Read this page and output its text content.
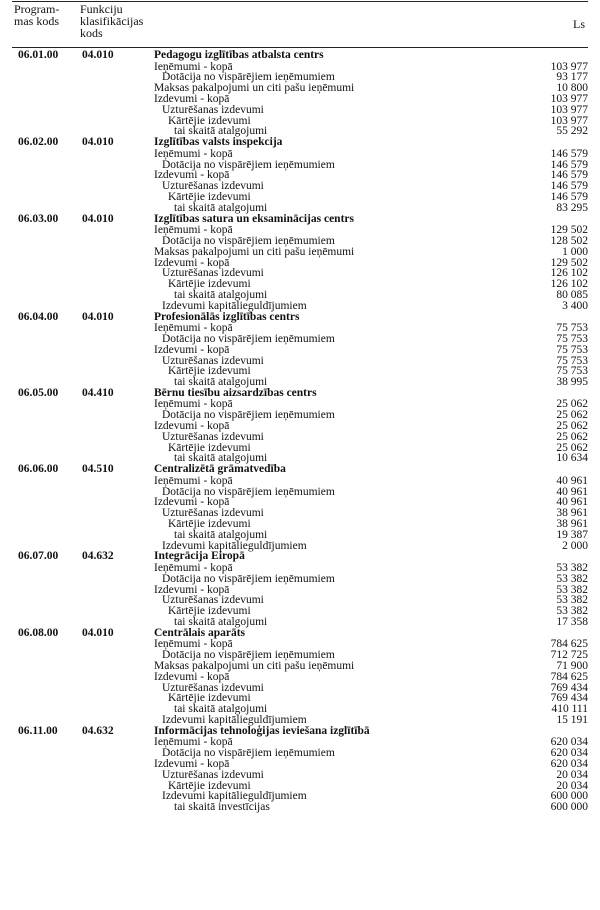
Program-
mas kods
Funkciju
klasifikācijas
kods
Ls
06.01.00 04.010	Pedagogu izglītības atbalsta centrs
Ieņēmumi - kopā	103 977
Dotācija no vispārējiem ieņēmumiem	93 177
Maksas pakalpojumi un citi pašu ieņēmumi	10 800
Izdevumi - kopā	103 977
Uzturēšanas izdevumi	103 977
Kārtējie izdevumi	103 977
tai skaitā atalgojumi	55 292
06.02.00 04.010	Izglītības valsts inspekcija
Ieņēmumi - kopā	146 579
Dotācija no vispārējiem ieņēmumiem	146 579
Izdevumi - kopā	146 579
Uzturēšanas izdevumi	146 579
Kārtējie izdevumi	146 579
tai skaitā atalgojumi	83 295
06.03.00 04.010	Izglītības satura un eksaminācijas centrs
Ieņēmumi - kopā	129 502
Dotācija no vispārējiem ieņēmumiem	128 502
Maksas pakalpojumi un citi pašu ieņēmumi	1 000
Izdevumi - kopā	129 502
Uzturēšanas izdevumi	126 102
Kārtējie izdevumi	126 102
tai skaitā atalgojumi	80 085
Izdevumi kapitālieguldījumiem	3 400
06.04.00 04.010	Profesionālās izglītības centrs
Ieņēmumi - kopā	75 753
Dotācija no vispārējiem ieņēmumiem	75 753
Izdevumi - kopā	75 753
Uzturēšanas izdevumi	75 753
Kārtējie izdevumi	75 753
tai skaitā atalgojumi	38 995
06.05.00 04.410	Bērnu tiesību aizsardzības centrs
Ieņēmumi - kopā	25 062
Dotācija no vispārējiem ieņēmumiem	25 062
Izdevumi - kopā	25 062
Uzturēšanas izdevumi	25 062
Kārtējie izdevumi	25 062
tai skaitā atalgojumi	10 634
06.06.00 04.510	Centralizētā grāmatvedība
Ieņēmumi - kopā	40 961
Dotācija no vispārējiem ieņēmumiem	40 961
Izdevumi - kopā	40 961
Uzturēšanas izdevumi	38 961
Kārtējie izdevumi	38 961
tai skaitā atalgojumi	19 387
Izdevumi kapitālieguldījumiem	2 000
06.07.00 04.632	Integrācija Eiropā
Ieņēmumi - kopā	53 382
Dotācija no vispārējiem ieņēmumiem	53 382
Izdevumi - kopā	53 382
Uzturēšanas izdevumi	53 382
Kārtējie izdevumi	53 382
tai skaitā atalgojumi	17 358
06.08.00 04.010	Centrālais aparāts
Ieņēmumi - kopā	784 625
Dotācija no vispārējiem ieņēmumiem	712 725
Maksas pakalpojumi un citi pašu ieņēmumi	71 900
Izdevumi - kopā	784 625
Uzturēšanas izdevumi	769 434
Kārtējie izdevumi	769 434
tai skaitā atalgojumi	410 111
Izdevumi kapitālieguldījumiem	15 191
06.11.00 04.632	Informācijas tehnoloģijas ieviešana izglītībā
Ieņēmumi - kopā	620 034
Dotācija no vispārējiem ieņēmumiem	620 034
Izdevumi - kopā	620 034
Uzturēšanas izdevumi	20 034
Kārtējie izdevumi	20 034
Izdevumi kapitālieguldījumiem	600 000
tai skaitā investīcijas	600 000
